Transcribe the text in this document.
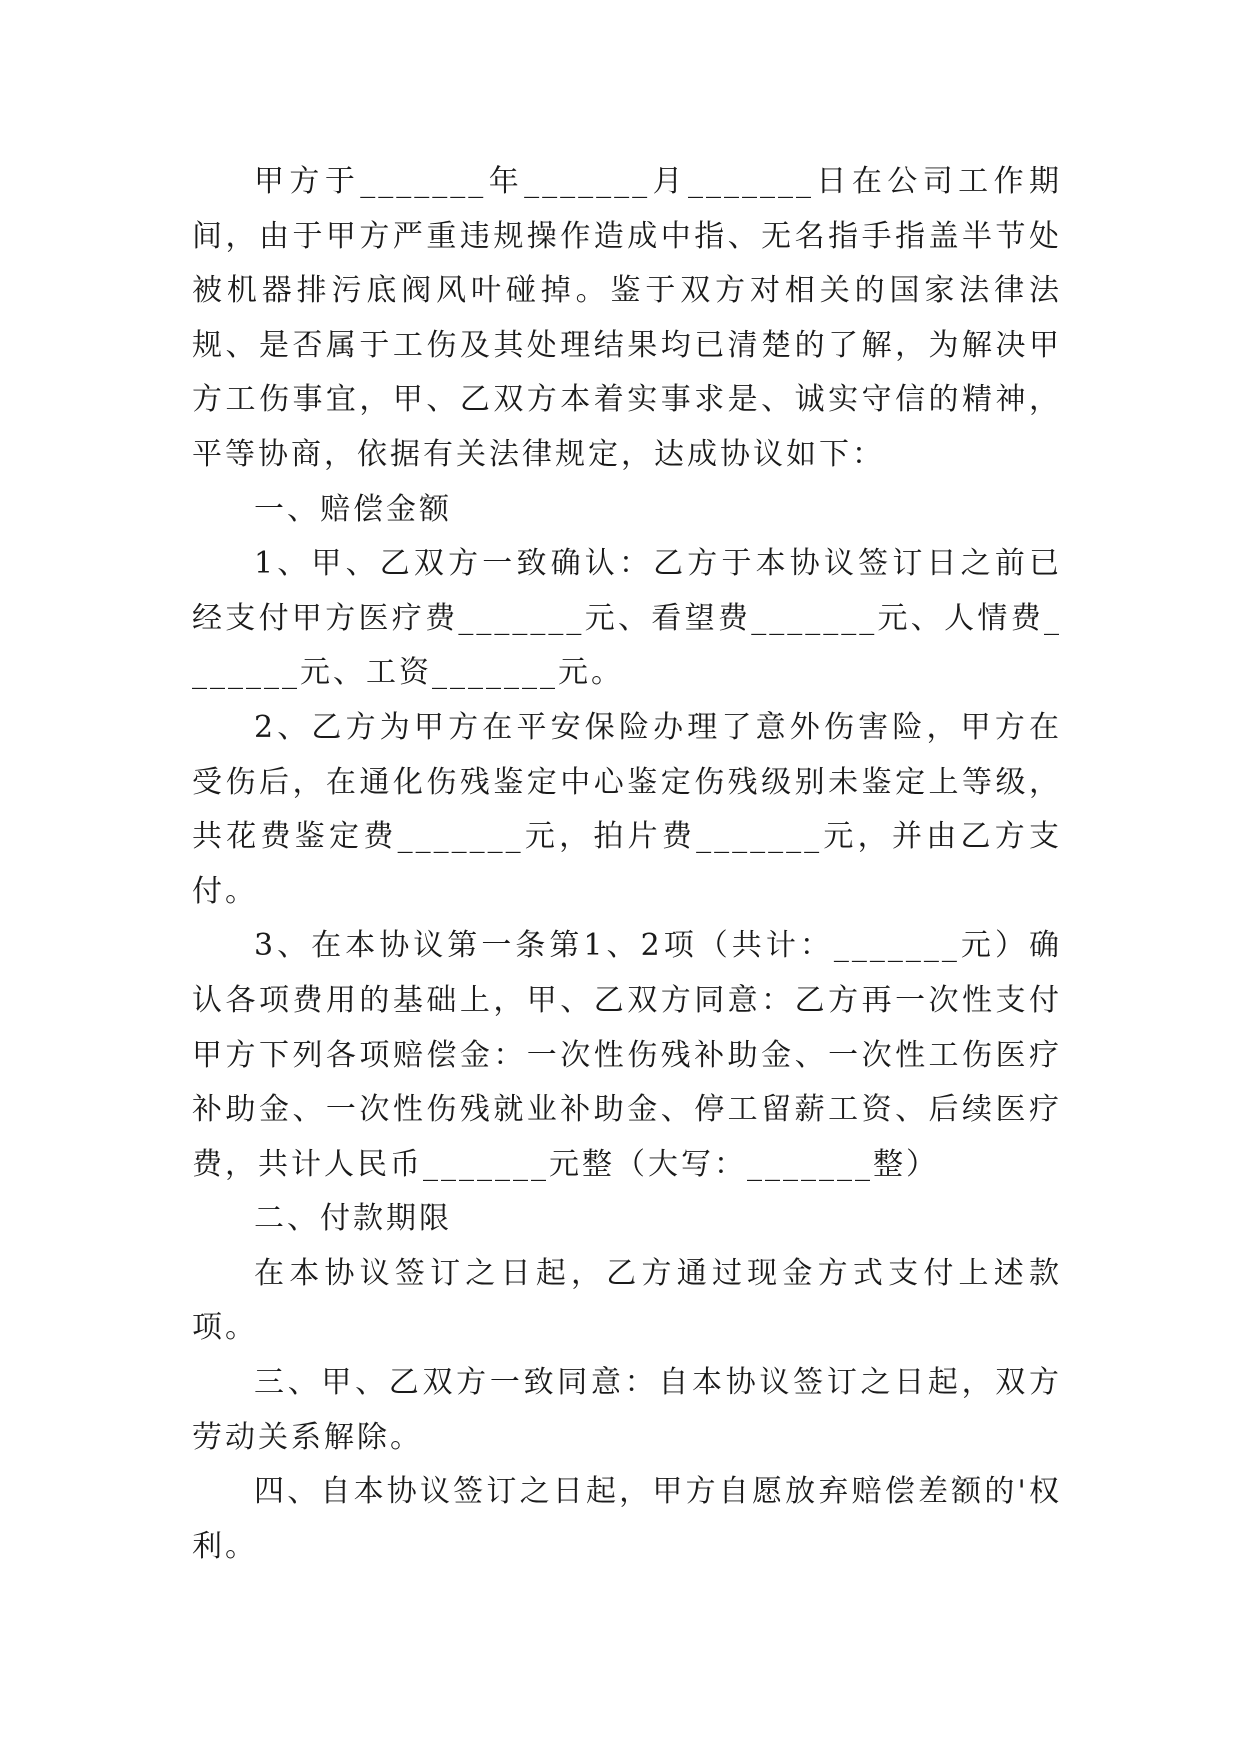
甲方于_______年_______月_______日在公司工作期间，由于甲方严重违规操作造成中指、无名指手指盖半节处被机器排污底阀风叶碰掉。鉴于双方对相关的国家法律法规、是否属于工伤及其处理结果均已清楚的了解，为解决甲方工伤事宜，甲、乙双方本着实事求是、诚实守信的精神，平等协商，依据有关法律规定，达成协议如下：

一、赔偿金额

1、甲、乙双方一致确认：乙方于本协议签订日之前已经支付甲方医疗费_______元、看望费_______元、人情费_______元、工资_______元。

2、乙方为甲方在平安保险办理了意外伤害险，甲方在受伤后，在通化伤残鉴定中心鉴定伤残级别未鉴定上等级，共花费鉴定费_______元，拍片费_______元，并由乙方支付。

3、在本协议第一条第1、2项（共计：_______元）确认各项费用的基础上，甲、乙双方同意：乙方再一次性支付甲方下列各项赔偿金：一次性伤残补助金、一次性工伤医疗补助金、一次性伤残就业补助金、停工留薪工资、后续医疗费，共计人民币_______元整（大写：_______整）

二、付款期限

在本协议签订之日起，乙方通过现金方式支付上述款项。

三、甲、乙双方一致同意：自本协议签订之日起，双方劳动关系解除。

四、自本协议签订之日起，甲方自愿放弃赔偿差额的'权利。
